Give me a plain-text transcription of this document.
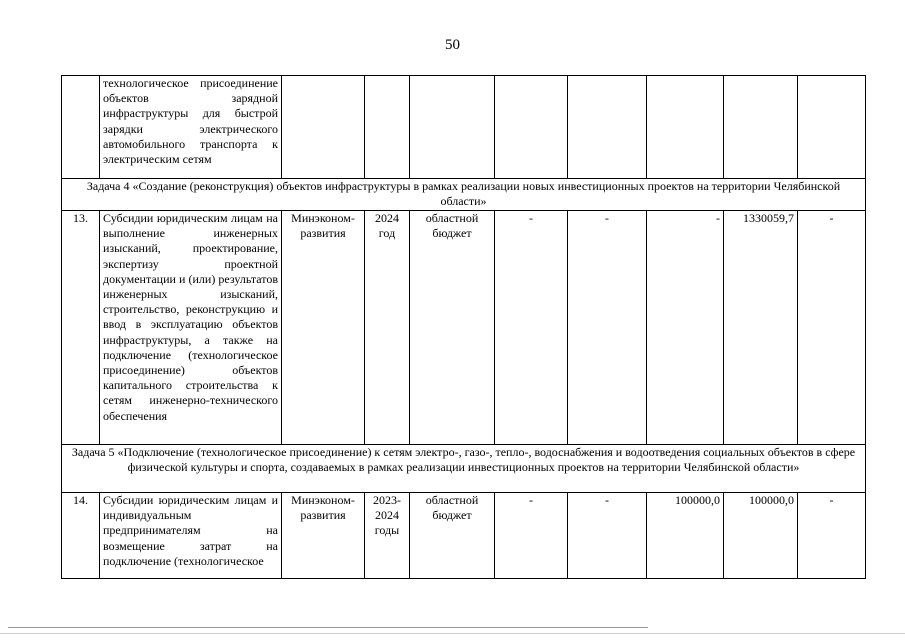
50
	технологическое присоединение объектов зарядной инфраструктуры для быстрой зарядки электрического автомобильного транспорта к электрическим сетям								
Задача 4 «Создание (реконструкция) объектов инфраструктуры в рамках реализации новых инвестиционных проектов на территории Челябинской области»									
13.	Субсидии юридическим лицам на выполнение инженерных изысканий, проектирование, экспертизу проектной документации и (или) результатов инженерных изысканий, строительство, реконструкцию и ввод в эксплуатацию объектов инфраструктуры, а также на подключение (технологическое присоединение) объектов капитального строительства к сетям инженерно-технического обеспечения	Минэконом-развития	2024 год	областной бюджет	-	-	-	1330059,7	-
Задача 5 «Подключение (технологическое присоединение) к сетям электро-, газо-, тепло-, водоснабжения и водоотведения социальных объектов в сфере физической культуры и спорта, создаваемых в рамках реализации инвестиционных проектов на территории Челябинской области»									
14.	Субсидии юридическим лицам и индивидуальным предпринимателям на возмещение затрат на подключение (технологическое	Минэконом-развития	2023-2024 годы	областной бюджет	-	-	100000,0	100000,0	-
